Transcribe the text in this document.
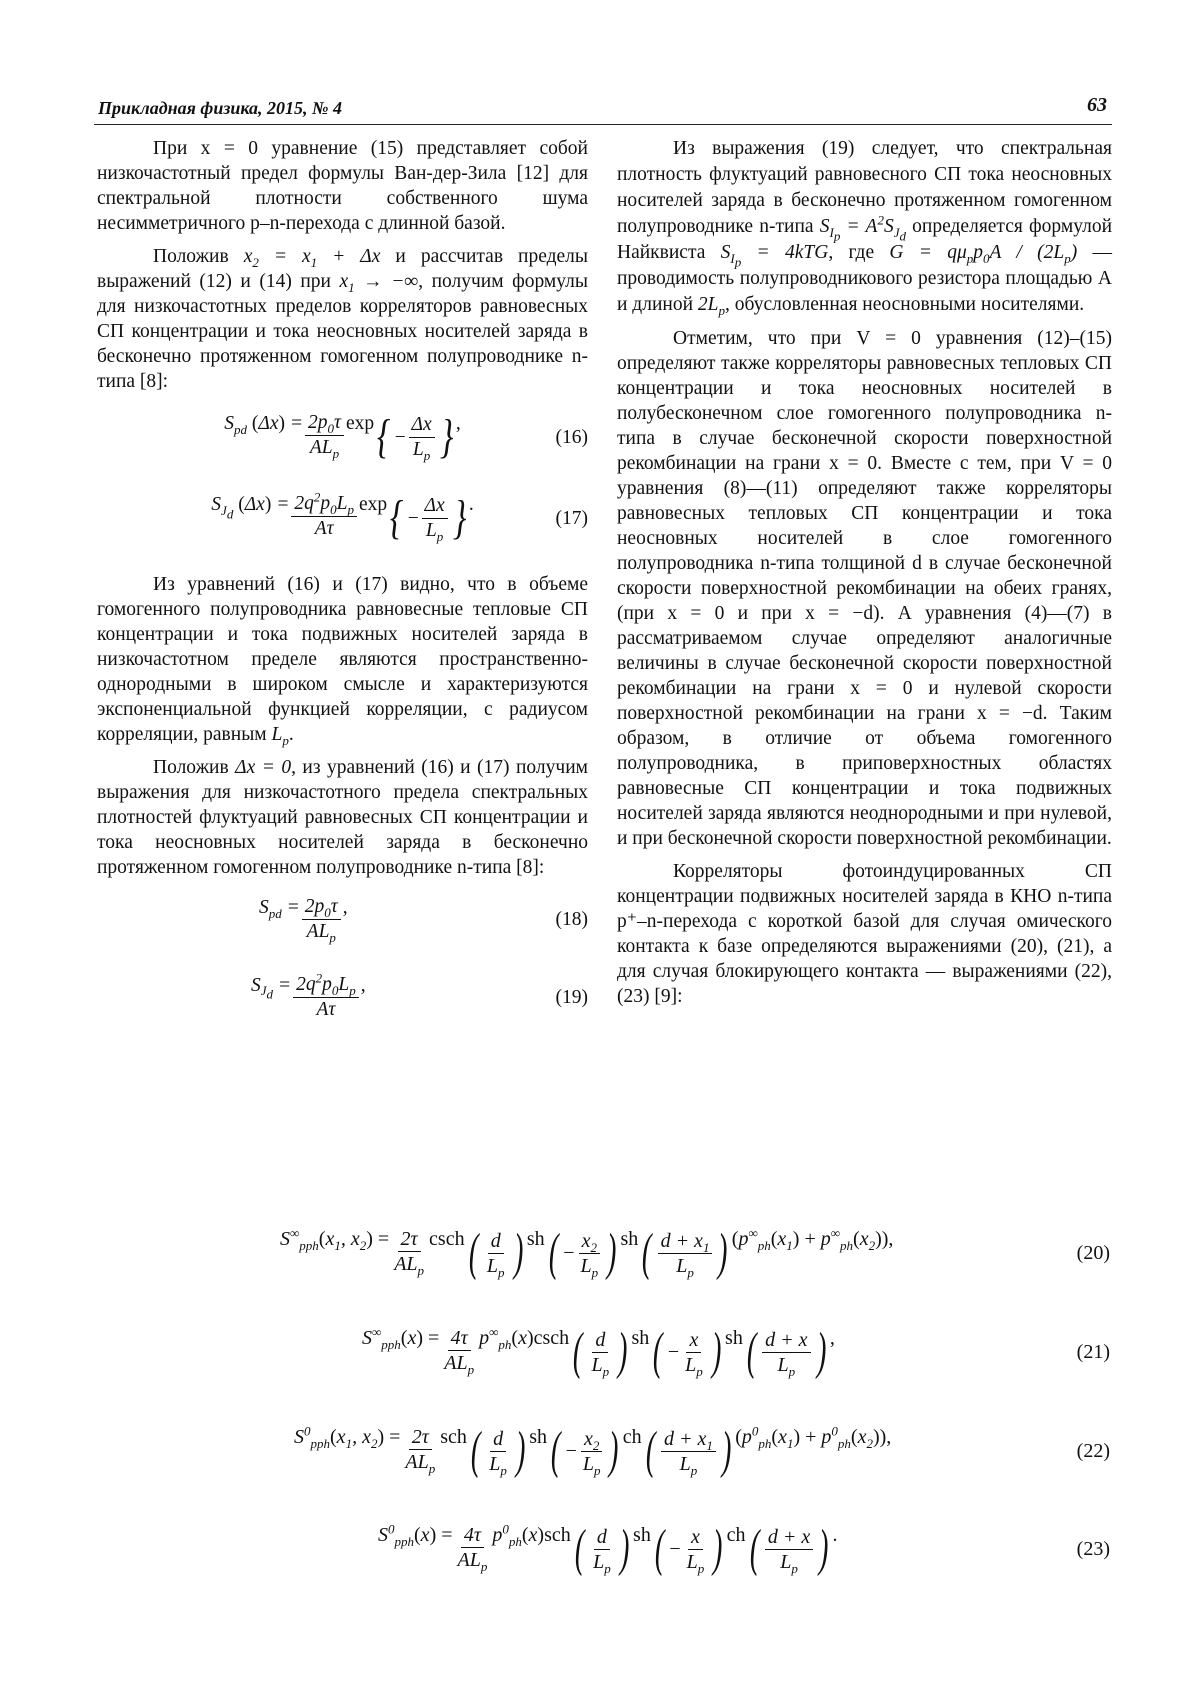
Прикладная физика, 2015, № 4	63

При x = 0 уравнение (15) представляет собой низкочастотный предел формулы Ван-дер-Зила [12] для спектральной плотности собственного шума несимметричного p–n-перехода с длинной базой.

Положив $x_2 = x_1 + \Delta x$ и рассчитав пределы выражений (12) и (14) при $x_1$ → −∞, получим формулы для низкочастотных пределов корреляторов равновесных СП концентрации и тока неосновных носителей заряда в бесконечно протяженном гомогенном полупроводнике n-типа [8]:

$S_{pd}$ $(\Delta x) = \frac{2p_0\tau}{AL_p}$ exp { − $\frac{\Delta x}{L_p}$ } ,
(16)
$S_{J_d}$ $(\Delta x) = \frac{2q^2p_0L_p}{A\tau}$ exp { − $\frac{\Delta x}{L_p}$ } .
(17)

Из уравнений (16) и (17) видно, что в объеме гомогенного полупроводника равновесные тепловые СП концентрации и тока подвижных носителей заряда в низкочастотном пределе являются пространственно-однородными в широком смысле и характеризуются экспоненциальной функцией корреляции, с радиусом корреляции, равным $L_p$.

Положив Δx = 0, из уравнений (16) и (17) получим выражения для низкочастотного предела спектральных плотностей флуктуаций равновесных СП концентрации и тока неосновных носителей заряда в бесконечно протяженном гомогенном полупроводнике n-типа [8]:

$S_{pd} = \frac{2p_0\tau}{AL_p}$ ,
(18)
$S_{J_d} = \frac{2q^2p_0L_p}{A\tau}$ ,
(19)

Из выражения (19) следует, что спектральная плотность флуктуаций равновесного СП тока неосновных носителей заряда в бесконечно протяженном гомогенном полупроводнике n-типа $S_{I_p} = A^2S_{J_d}$ определяется формулой Найквиста $S_{I_p} = 4kTG$, где $G = q\mu_pp_0A / (2L_p)$ — проводимость полупроводникового резистора площадью A и длиной $2L_p$, обусловленная неосновными носителями.

Отметим, что при V = 0 уравнения (12)–(15) определяют также корреляторы равновесных тепловых СП концентрации и тока неосновных носителей в полубесконечном слое гомогенного полупроводника n-типа в случае бесконечной скорости поверхностной рекомбинации на грани x = 0. Вместе с тем, при V = 0 уравнения (8)—(11) определяют также корреляторы равновесных тепловых СП концентрации и тока неосновных носителей в слое гомогенного полупроводника n-типа толщиной d в случае бесконечной скорости поверхностной рекомбинации на обеих гранях, (при x = 0 и при x = −d). А уравнения (4)—(7) в рассматриваемом случае определяют аналогичные величины в случае бесконечной скорости поверхностной рекомбинации на грани x = 0 и нулевой скорости поверхностной рекомбинации на грани x = −d. Таким образом, в отличие от объема гомогенного полупроводника, в приповерхностных областях равновесные СП концентрации и тока подвижных носителей заряда являются неоднородными и при нулевой, и при бесконечной скорости поверхностной рекомбинации.

Корреляторы фотоиндуцированных СП концентрации подвижных носителей заряда в КНО n-типа p⁺–n-перехода с короткой базой для случая омического контакта к базе определяются выражениями (20), (21), а для случая блокирующего контакта — выражениями (22), (23) [9]:

$S^\infty_{pph}(x_1$, $x_2) = \frac{2\tau}{AL_p}$ csch ( $\frac{d}{L_p}$ ) sh ( − $\frac{x_2}{L_p}$ ) sh ( $\frac{d + x_1}{L_p}$ ) $(p^\infty_{ph}(x_1) + p^\infty_{ph}(x_2))$,
(20)
$S^\infty_{pph}(x) = \frac{4\tau}{AL_p} p^\infty_{ph}(x)\csc h$ ( $\frac{d}{L_p}$ ) sh ( − $\frac{x}{L_p}$ ) sh ( $\frac{d + x}{L_p}$ ) ,
(21)
$S^0_{pph}(x_1$, $x_2) = \frac{2\tau}{AL_p}$ sch ( $\frac{d}{L_p}$ ) sh ( − $\frac{x_2}{L_p}$ ) ch ( $\frac{d + x_1}{L_p}$ ) $(p^0_{ph}(x_1) + p^0_{ph}(x_2))$,
(22)
$S^0_{pph}(x) = \frac{4\tau}{AL_p} p^0_{ph}(x)sch$ ( $\frac{d}{L_p}$ ) sh ( − $\frac{x}{L_p}$ ) ch ( $\frac{d + x}{L_p}$ ) .
(23)
